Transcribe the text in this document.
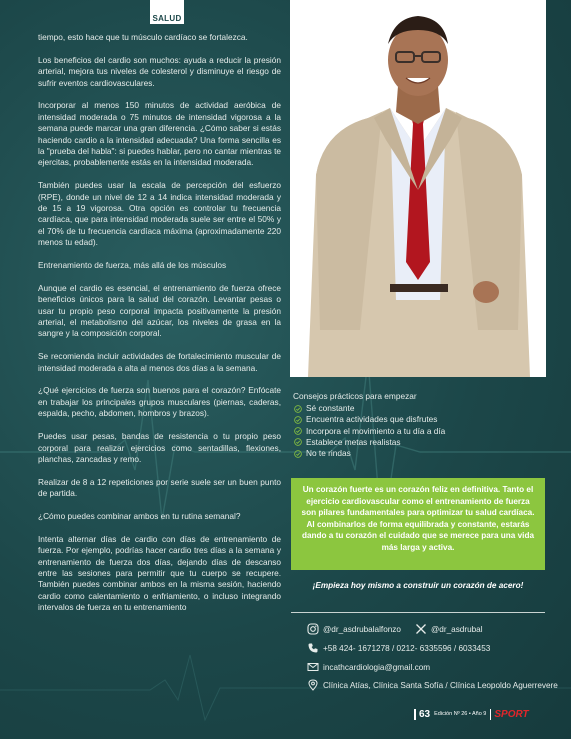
SALUD

tiempo, esto hace que tu músculo cardíaco se fortalezca.

Los beneficios del cardio son muchos: ayuda a reducir la presión arterial, mejora tus niveles de colesterol y disminuye el riesgo de sufrir eventos cardiovasculares.

Incorporar al menos 150 minutos de actividad aeróbica de intensidad moderada o 75 minutos de intensidad vigorosa a la semana puede marcar una gran diferencia. ¿Cómo saber si estás haciendo cardio a la intensidad adecuada? Una forma sencilla es la "prueba del habla": si puedes hablar, pero no cantar mientras te ejercitas, probablemente estás en la intensidad moderada.

También puedes usar la escala de percepción del esfuerzo (RPE), donde un nivel de 12 a 14 indica intensidad moderada y de 15 a 19 vigorosa. Otra opción es controlar tu frecuencia cardíaca, que para intensidad moderada suele ser entre el 50% y el 70% de tu frecuencia cardíaca máxima (aproximadamente 220 menos tu edad).

Entrenamiento de fuerza, más allá de los músculos

Aunque el cardio es esencial, el entrenamiento de fuerza ofrece beneficios únicos para la salud del corazón. Levantar pesas o usar tu propio peso corporal impacta positivamente la presión arterial, el metabolismo del azúcar, los niveles de grasa en la sangre y la composición corporal.

Se recomienda incluir actividades de fortalecimiento muscular de intensidad moderada a alta al menos dos días a la semana.

¿Qué ejercicios de fuerza son buenos para el corazón? Enfócate en trabajar los principales grupos musculares (piernas, caderas, espalda, pecho, abdomen, hombros y brazos).

Puedes usar pesas, bandas de resistencia o tu propio peso corporal para realizar ejercicios como sentadillas, flexiones, planchas, zancadas y remo.

Realizar de 8 a 12 repeticiones por serie suele ser un buen punto de partida.

¿Cómo puedes combinar ambos en tu rutina semanal?

Intenta alternar días de cardio con días de entrenamiento de fuerza. Por ejemplo, podrías hacer cardio tres días a la semana y entrenamiento de fuerza dos días, dejando días de descanso entre las sesiones para permitir que tu cuerpo se recupere. También puedes combinar ambos en la misma sesión, haciendo cardio como calentamiento o enfriamiento, o incluso integrando intervalos de fuerza en tu entrenamiento

Consejos prácticos para empezar
Sé constante
Encuentra actividades que disfrutes
Incorpora el movimiento a tu día a día
Establece metas realistas
No te rindas
Un corazón fuerte es un corazón feliz en definitiva. Tanto el ejercicio cardiovascular como el entrenamiento de fuerza son pilares fundamentales para optimizar tu salud cardíaca. Al combinarlos de forma equilibrada y constante, estarás dando a tu corazón el cuidado que se merece para una vida más larga y activa.
¡Empieza hoy mismo a construir un corazón de acero!
@dr_asdrubalalfonzo	@dr_asdrubal
+58 424- 1671278 / 0212- 6335596 / 6033453
incathcardiologia@gmail.com
Clínica Atías, Clínica Santa Sofía / Clínica Leopoldo Aguerrevere
63 Edición Nº 26 • Año 9 SPORT
